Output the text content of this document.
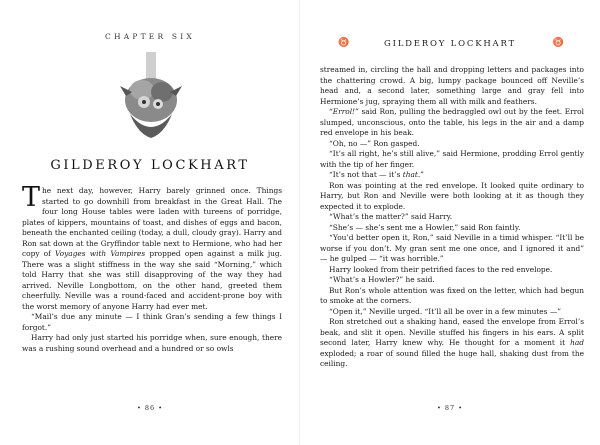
CHAPTER SIX
GILDEROY LOCKHART

The next day, however, Harry barely grinned once. Things started to go downhill from breakfast in the Great Hall. The four long House tables were laden with tureens of porridge, plates of kippers, mountains of toast, and dishes of eggs and bacon, beneath the enchanted ceiling (today, a dull, cloudy gray). Harry and Ron sat down at the Gryffindor table next to Hermione, who had her copy of Voyages with Vampires propped open against a milk jug. There was a slight stiffness in the way she said “Morning,” which told Harry that she was still disapproving of the way they had arrived. Neville Longbottom, on the other hand, greeted them cheerfully. Neville was a round-faced and accident-prone boy with the worst memory of anyone Harry had ever met.

“Mail’s due any minute — I think Gran’s sending a few things I forgot.”

Harry had only just started his porridge when, sure enough, there was a rushing sound overhead and a hundred or so owls

• 86 •
♉	GILDEROY LOCKHART	♉

streamed in, circling the hall and dropping letters and packages into the chattering crowd. A big, lumpy package bounced off Neville’s head and, a second later, something large and gray fell into Hermione’s jug, spraying them all with milk and feathers.

“Errol!” said Ron, pulling the bedraggled owl out by the feet. Errol slumped, unconscious, onto the table, his legs in the air and a damp red envelope in his beak.

“Oh, no —” Ron gasped.

“It’s all right, he’s still alive,” said Hermione, prodding Errol gently with the tip of her finger.

“It’s not that — it’s that.”

Ron was pointing at the red envelope. It looked quite ordinary to Harry, but Ron and Neville were both looking at it as though they expected it to explode.

“What’s the matter?” said Harry.

“She’s — she’s sent me a Howler,” said Ron faintly.

“You’d better open it, Ron,” said Neville in a timid whisper. “It’ll be worse if you don’t. My gran sent me one once, and I ignored it and” — he gulped — “it was horrible.”

Harry looked from their petrified faces to the red envelope.

“What’s a Howler?” he said.

But Ron’s whole attention was fixed on the letter, which had begun to smoke at the corners.

“Open it,” Neville urged. “It’ll all be over in a few minutes —”

Ron stretched out a shaking hand, eased the envelope from Errol’s beak, and slit it open. Neville stuffed his fingers in his ears. A split second later, Harry knew why. He thought for a moment it had exploded; a roar of sound filled the huge hall, shaking dust from the ceiling.

• 87 •
